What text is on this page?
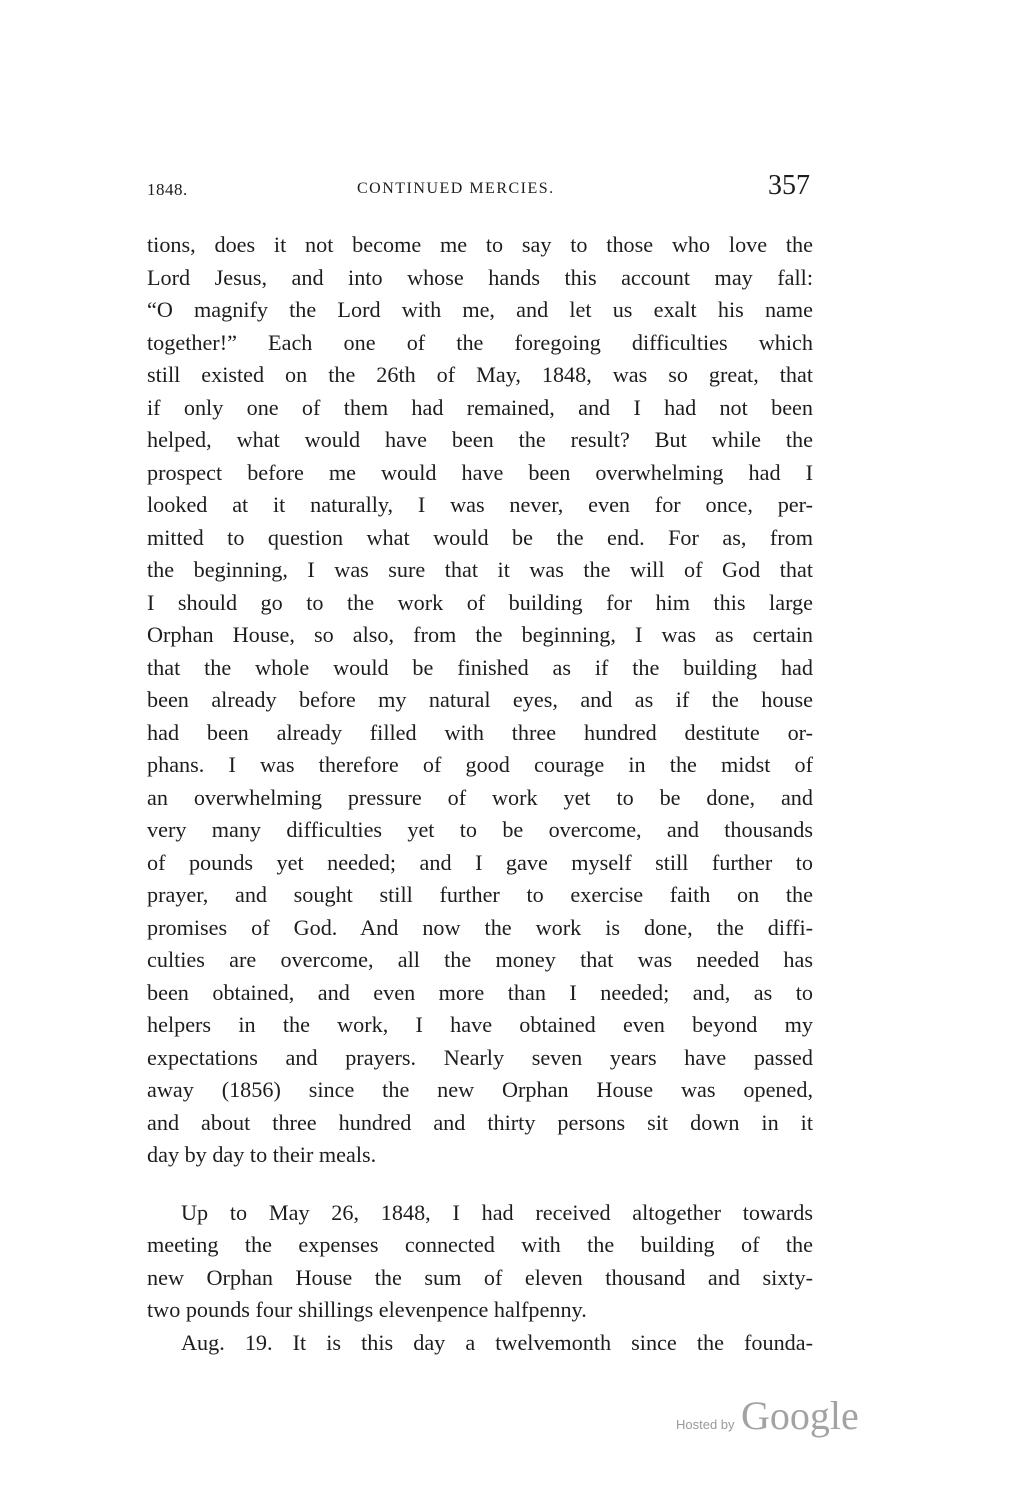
1848.	CONTINUED MERCIES.	357
tions, does it not become me to say to those who love the
Lord Jesus, and into whose hands this account may fall:
“O magnify the Lord with me, and let us exalt his name
together!” Each one of the foregoing difficulties which
still existed on the 26th of May, 1848, was so great, that
if only one of them had remained, and I had not been
helped, what would have been the result? But while the
prospect before me would have been overwhelming had I
looked at it naturally, I was never, even for once, per-
mitted to question what would be the end. For as, from
the beginning, I was sure that it was the will of God that
I should go to the work of building for him this large
Orphan House, so also, from the beginning, I was as certain
that the whole would be finished as if the building had
been already before my natural eyes, and as if the house
had been already filled with three hundred destitute or-
phans. I was therefore of good courage in the midst of
an overwhelming pressure of work yet to be done, and
very many difficulties yet to be overcome, and thousands
of pounds yet needed; and I gave myself still further to
prayer, and sought still further to exercise faith on the
promises of God. And now the work is done, the diffi-
culties are overcome, all the money that was needed has
been obtained, and even more than I needed; and, as to
helpers in the work, I have obtained even beyond my
expectations and prayers. Nearly seven years have passed
away (1856) since the new Orphan House was opened,
and about three hundred and thirty persons sit down in it
day by day to their meals.
Up to May 26, 1848, I had received altogether towards
meeting the expenses connected with the building of the
new Orphan House the sum of eleven thousand and sixty-
two pounds four shillings elevenpence halfpenny.
Aug. 19. It is this day a twelvemonth since the founda-
Hosted by Google
